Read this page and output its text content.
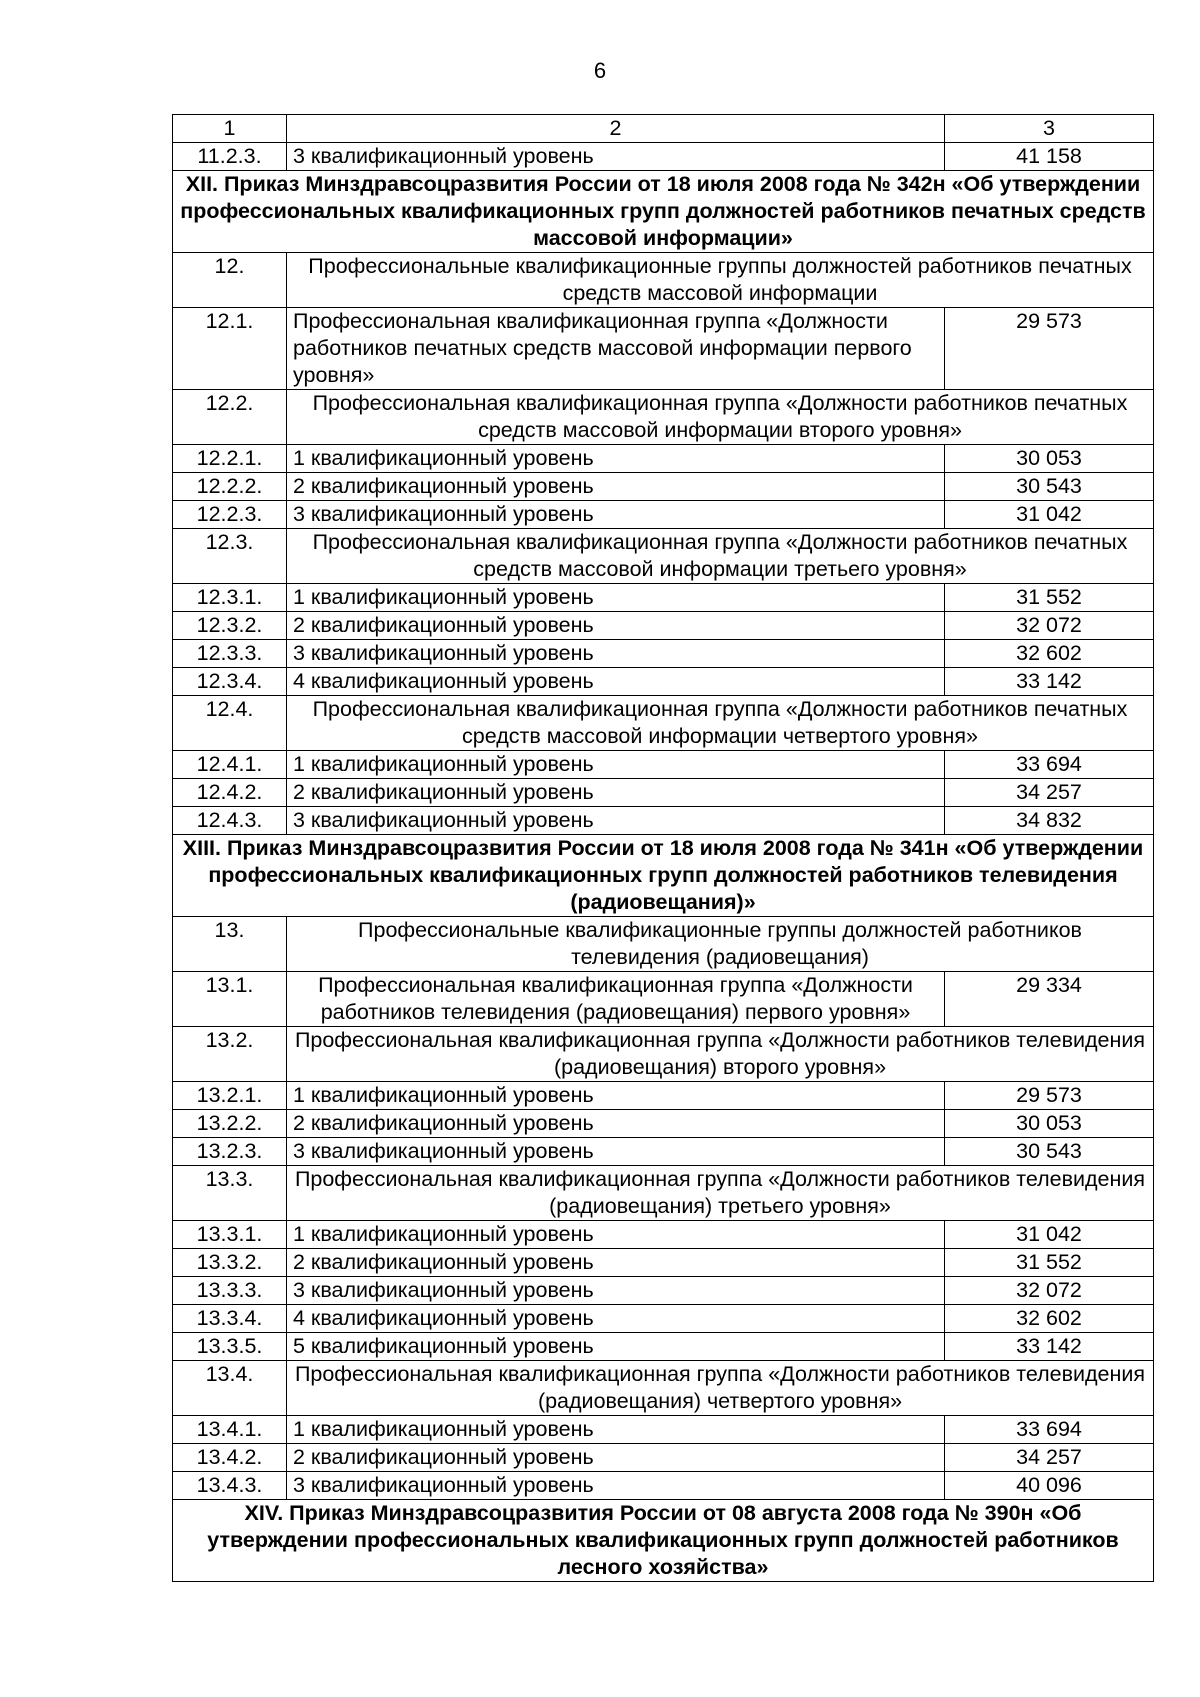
6
1	2	3
11.2.3.	3 квалификационный уровень	41 158
XII. Приказ Минздравсоцразвития России от 18 июля 2008 года № 342н «Об утверждении профессиональных квалификационных групп должностей работников печатных средств массовой информации»		
12.	Профессиональные квалификационные группы должностей работников печатных средств массовой информации	
12.1.	Профессиональная квалификационная группа «Должности работников печатных средств массовой информации первого уровня»	29 573
12.2.	Профессиональная квалификационная группа «Должности работников печатных средств массовой информации второго уровня»	
12.2.1.	1 квалификационный уровень	30 053
12.2.2.	2 квалификационный уровень	30 543
12.2.3.	3 квалификационный уровень	31 042
12.3.	Профессиональная квалификационная группа «Должности работников печатных средств массовой информации третьего уровня»	
12.3.1.	1 квалификационный уровень	31 552
12.3.2.	2 квалификационный уровень	32 072
12.3.3.	3 квалификационный уровень	32 602
12.3.4.	4 квалификационный уровень	33 142
12.4.	Профессиональная квалификационная группа «Должности работников печатных средств массовой информации четвертого уровня»	
12.4.1.	1 квалификационный уровень	33 694
12.4.2.	2 квалификационный уровень	34 257
12.4.3.	3 квалификационный уровень	34 832
XIII. Приказ Минздравсоцразвития России от 18 июля 2008 года № 341н «Об утверждении профессиональных квалификационных групп должностей работников телевидения (радиовещания)»		
13.	Профессиональные квалификационные группы должностей работников телевидения (радиовещания)	
13.1.	Профессиональная квалификационная группа «Должности работников телевидения (радиовещания) первого уровня»	29 334
13.2.	Профессиональная квалификационная группа «Должности работников телевидения (радиовещания) второго уровня»	
13.2.1.	1 квалификационный уровень	29 573
13.2.2.	2 квалификационный уровень	30 053
13.2.3.	3 квалификационный уровень	30 543
13.3.	Профессиональная квалификационная группа «Должности работников телевидения (радиовещания) третьего уровня»	
13.3.1.	1 квалификационный уровень	31 042
13.3.2.	2 квалификационный уровень	31 552
13.3.3.	3 квалификационный уровень	32 072
13.3.4.	4 квалификационный уровень	32 602
13.3.5.	5 квалификационный уровень	33 142
13.4.	Профессиональная квалификационная группа «Должности работников телевидения (радиовещания) четвертого уровня»	
13.4.1.	1 квалификационный уровень	33 694
13.4.2.	2 квалификационный уровень	34 257
13.4.3.	3 квалификационный уровень	40 096
XIV. Приказ Минздравсоцразвития России от 08 августа 2008 года № 390н «Об утверждении профессиональных квалификационных групп должностей работников лесного хозяйства»		
